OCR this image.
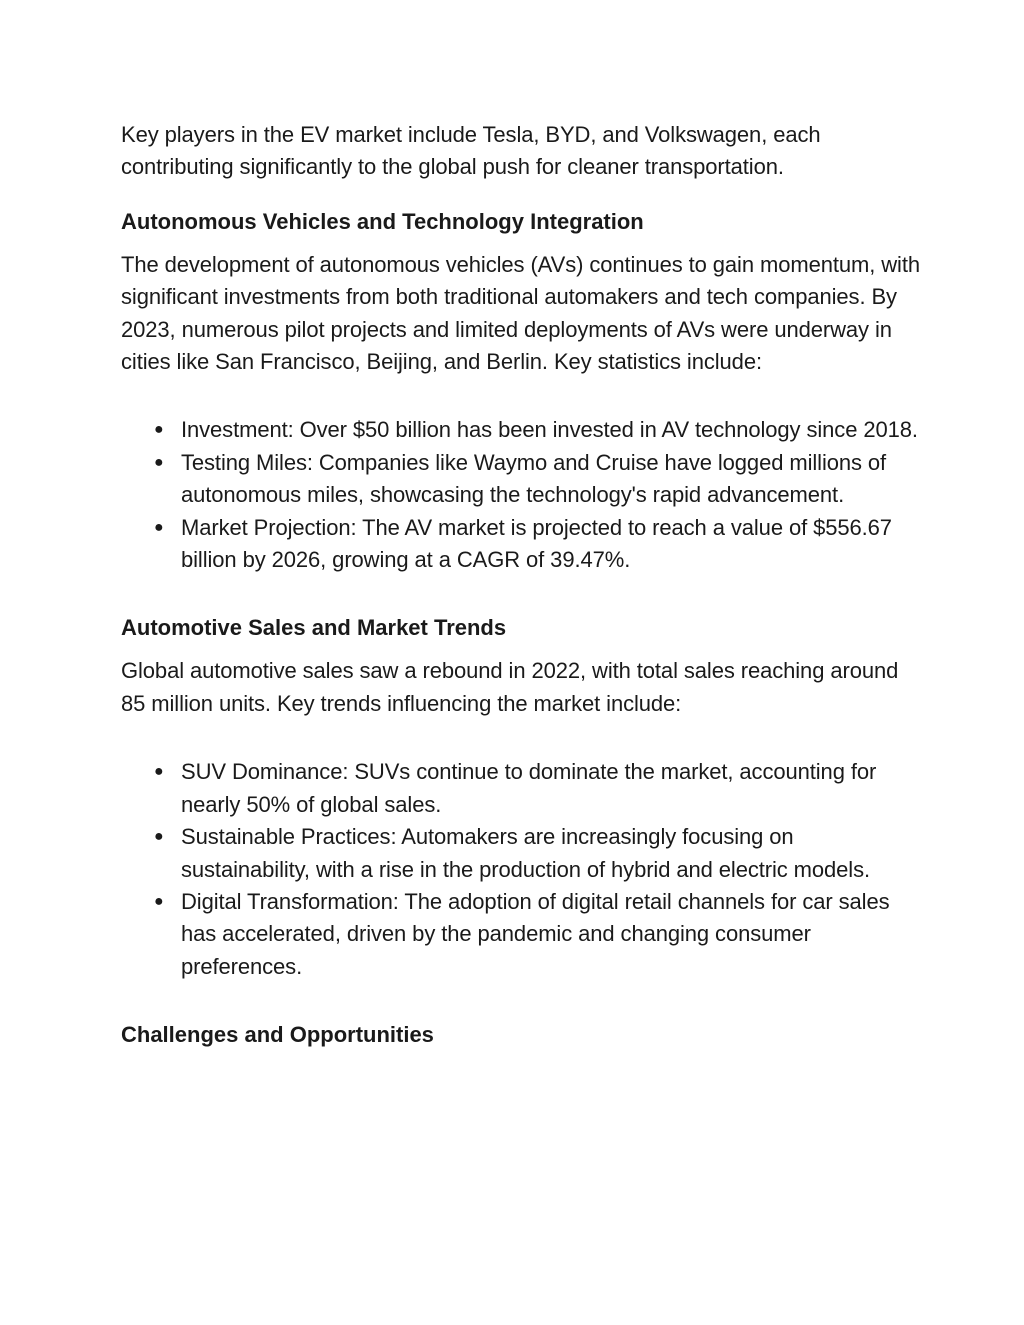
Key players in the EV market include Tesla, BYD, and Volkswagen, each contributing significantly to the global push for cleaner transportation.

Autonomous Vehicles and Technology Integration

The development of autonomous vehicles (AVs) continues to gain momentum, with significant investments from both traditional automakers and tech companies. By 2023, numerous pilot projects and limited deployments of AVs were underway in cities like San Francisco, Beijing, and Berlin. Key statistics include:

● Investment: Over $50 billion has been invested in AV technology since 2018.
● Testing Miles: Companies like Waymo and Cruise have logged millions of autonomous miles, showcasing the technology's rapid advancement.
● Market Projection: The AV market is projected to reach a value of $556.67 billion by 2026, growing at a CAGR of 39.47%.
Automotive Sales and Market Trends

Global automotive sales saw a rebound in 2022, with total sales reaching around 85 million units. Key trends influencing the market include:

● SUV Dominance: SUVs continue to dominate the market, accounting for nearly 50% of global sales.
● Sustainable Practices: Automakers are increasingly focusing on sustainability, with a rise in the production of hybrid and electric models.
● Digital Transformation: The adoption of digital retail channels for car sales has accelerated, driven by the pandemic and changing consumer preferences.
Challenges and Opportunities
